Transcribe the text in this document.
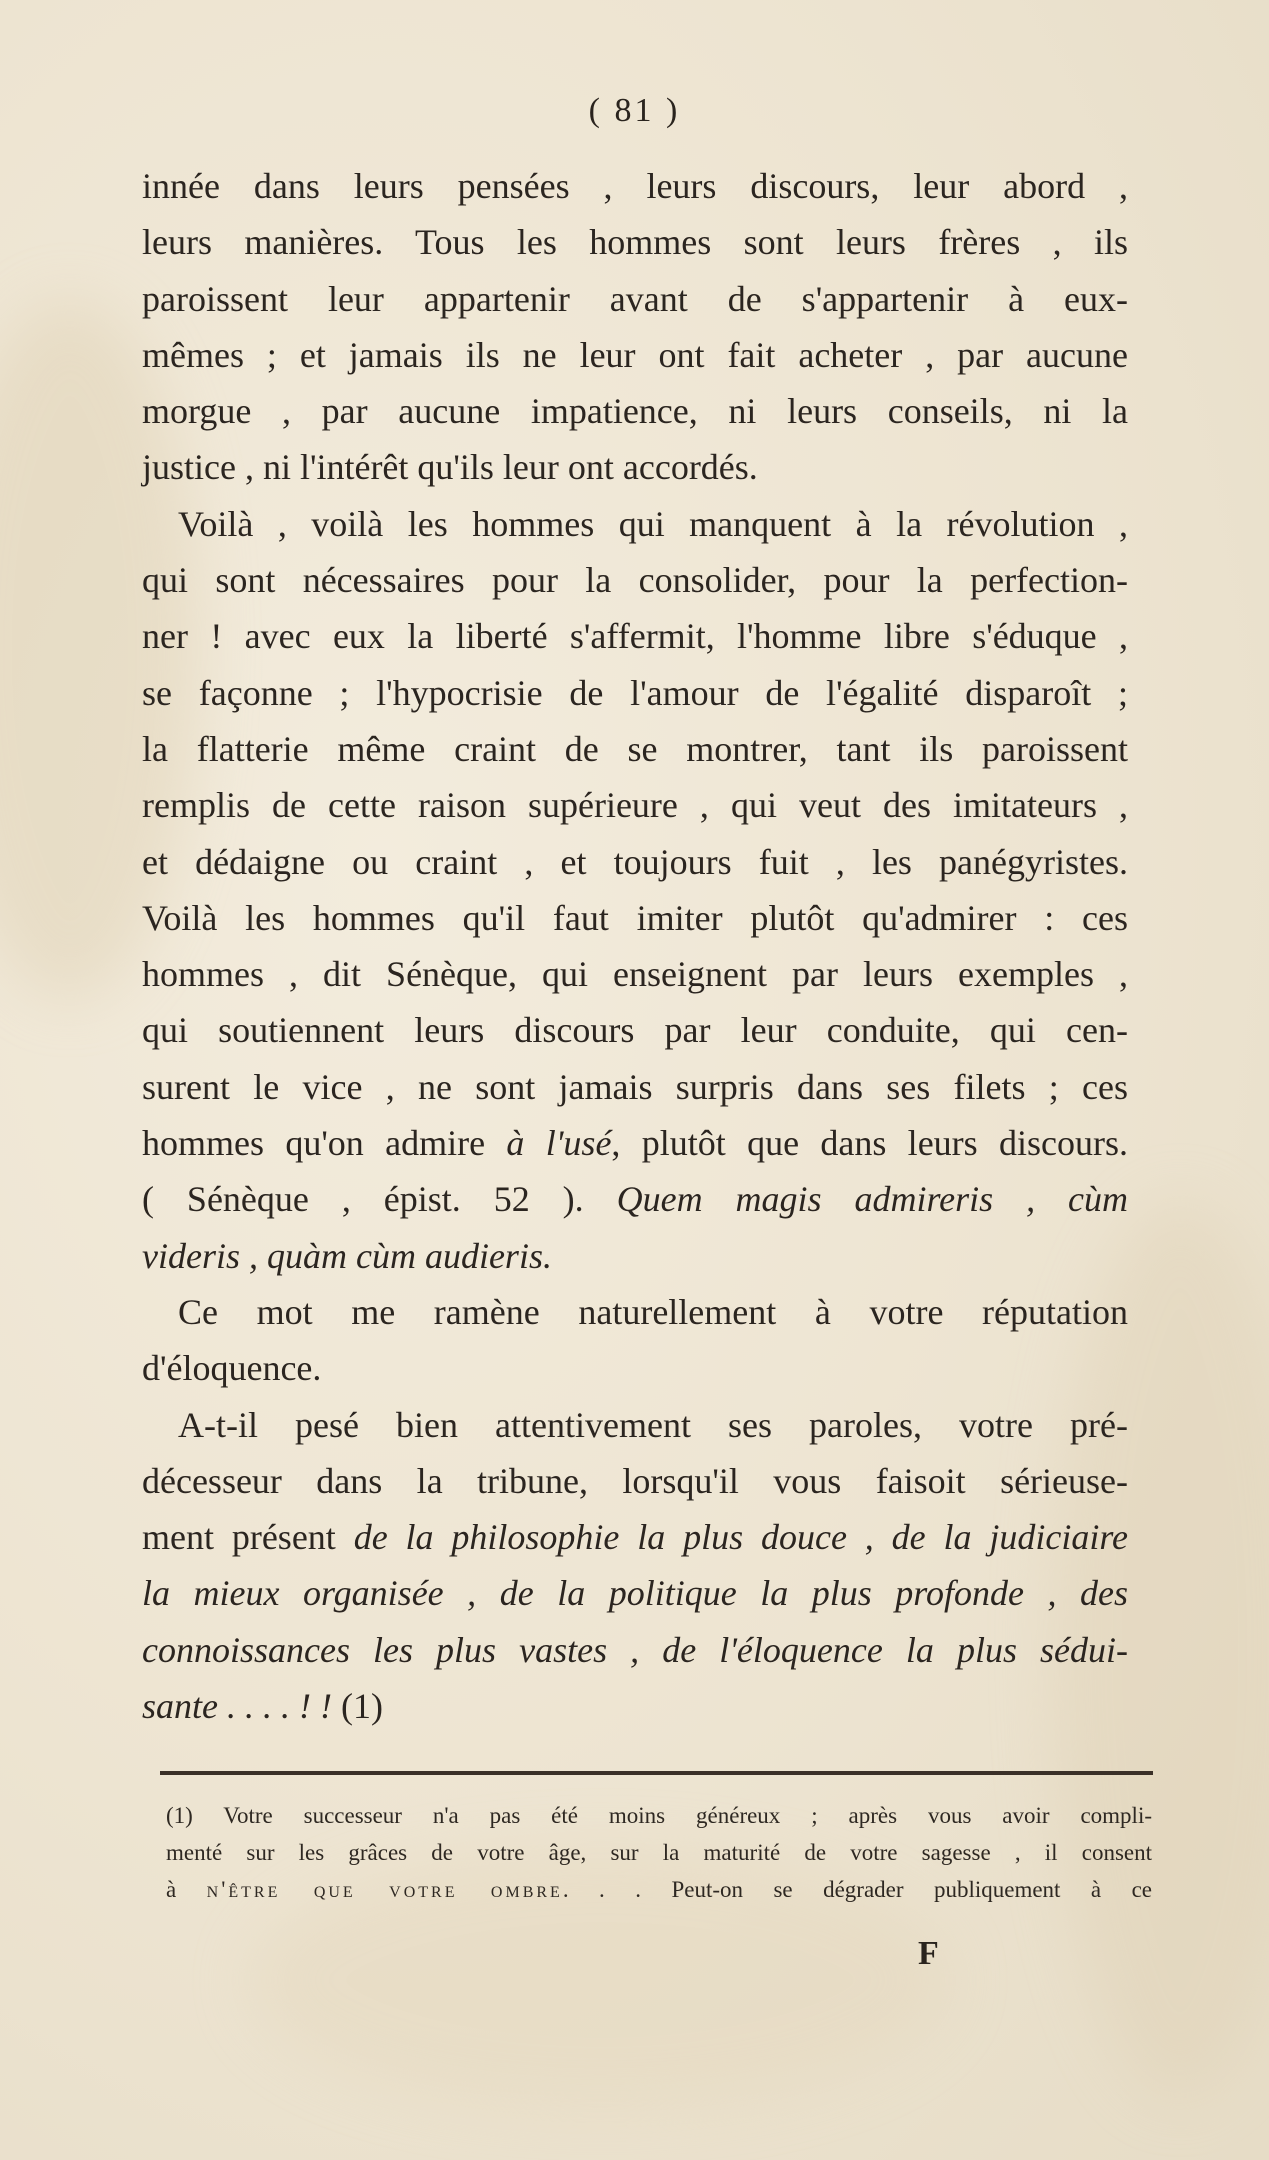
( 81 )
innée dans leurs pensées , leurs discours, leur abord ,
leurs manières. Tous les hommes sont leurs frères , ils
paroissent leur appartenir avant de s'appartenir à eux-
mêmes ; et jamais ils ne leur ont fait acheter , par aucune
morgue , par aucune impatience, ni leurs conseils, ni la
justice , ni l'intérêt qu'ils leur ont accordés.
Voilà , voilà les hommes qui manquent à la révolution ,
qui sont nécessaires pour la consolider, pour la perfection-
ner ! avec eux la liberté s'affermit, l'homme libre s'éduque ,
se façonne ; l'hypocrisie de l'amour de l'égalité disparoît ;
la flatterie même craint de se montrer, tant ils paroissent
remplis de cette raison supérieure , qui veut des imitateurs ,
et dédaigne ou craint , et toujours fuit , les panégyristes.
Voilà les hommes qu'il faut imiter plutôt qu'admirer : ces
hommes , dit Sénèque, qui enseignent par leurs exemples ,
qui soutiennent leurs discours par leur conduite, qui cen-
surent le vice , ne sont jamais surpris dans ses filets ; ces
hommes qu'on admire à l'usé, plutôt que dans leurs discours.
( Sénèque , épist. 52 ). Quem magis admireris , cùm
videris , quàm cùm audieris.
Ce mot me ramène naturellement à votre réputation
d'éloquence.
A-t-il pesé bien attentivement ses paroles, votre pré-
décesseur dans la tribune, lorsqu'il vous faisoit sérieuse-
ment présent de la philosophie la plus douce , de la judiciaire
la mieux organisée , de la politique la plus profonde , des
connoissances les plus vastes , de l'éloquence la plus sédui-
sante . . . . ! ! (1)
(1) Votre successeur n'a pas été moins généreux ; après vous avoir compli-
menté sur les grâces de votre âge, sur la maturité de votre sagesse , il consent
à n'être que votre ombre. . . Peut-on se dégrader publiquement à ce
F
